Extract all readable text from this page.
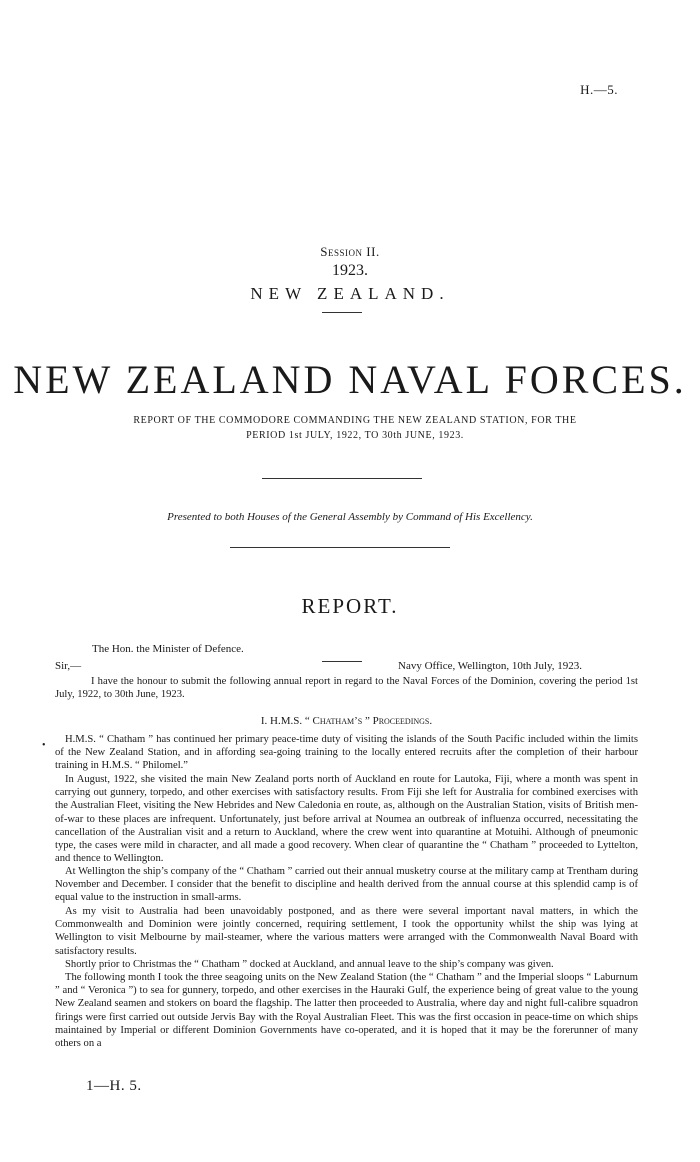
H.—5.
Session II.
1923.
NEW ZEALAND.
NEW ZEALAND NAVAL FORCES.
REPORT OF THE COMMODORE COMMANDING THE NEW ZEALAND STATION, FOR THE PERIOD 1st JULY, 1922, TO 30th JUNE, 1923.
Presented to both Houses of the General Assembly by Command of His Excellency.
REPORT.
The Hon. the Minister of Defence.
Sir,—	Navy Office, Wellington, 10th July, 1923.

I have the honour to submit the following annual report in regard to the Naval Forces of the Dominion, covering the period 1st July, 1922, to 30th June, 1923.

I. H.M.S. “ Chatham’s ” Proceedings.
•

H.M.S. “ Chatham ” has continued her primary peace-time duty of visiting the islands of the South Pacific included within the limits of the New Zealand Station, and in affording sea-going training to the locally entered recruits after the completion of their harbour training in H.M.S. “ Philomel.”

In August, 1922, she visited the main New Zealand ports north of Auckland en route for Lautoka, Fiji, where a month was spent in carrying out gunnery, torpedo, and other exercises with satisfactory results. From Fiji she left for Australia for combined exercises with the Australian Fleet, visiting the New Hebrides and New Caledonia en route, as, although on the Australian Station, visits of British men-of-war to these places are infrequent. Unfortunately, just before arrival at Noumea an outbreak of influenza occurred, necessitating the cancellation of the Australian visit and a return to Auckland, where the crew went into quarantine at Motuihi. Although of pneumonic type, the cases were mild in character, and all made a good recovery. When clear of quarantine the “ Chatham ” proceeded to Lyttelton, and thence to Wellington.

At Wellington the ship’s company of the “ Chatham ” carried out their annual musketry course at the military camp at Trentham during November and December. I consider that the benefit to discipline and health derived from the annual course at this splendid camp is of equal value to the instruction in small-arms.

As my visit to Australia had been unavoidably postponed, and as there were several important naval matters, in which the Commonwealth and Dominion were jointly concerned, requiring settlement, I took the opportunity whilst the ship was lying at Wellington to visit Melbourne by mail-steamer, where the various matters were arranged with the Commonwealth Naval Board with satisfactory results.

Shortly prior to Christmas the “ Chatham ” docked at Auckland, and annual leave to the ship’s company was given.

The following month I took the three seagoing units on the New Zealand Station (the “ Chatham ” and the Imperial sloops “ Laburnum ” and “ Veronica ”) to sea for gunnery, torpedo, and other exercises in the Hauraki Gulf, the experience being of great value to the young New Zealand seamen and stokers on board the flagship. The latter then proceeded to Australia, where day and night full-calibre squadron firings were first carried out outside Jervis Bay with the Royal Australian Fleet. This was the first occasion in peace-time on which ships maintained by Imperial or different Dominion Governments have co-operated, and it is hoped that it may be the forerunner of many others on a

1—H. 5.
